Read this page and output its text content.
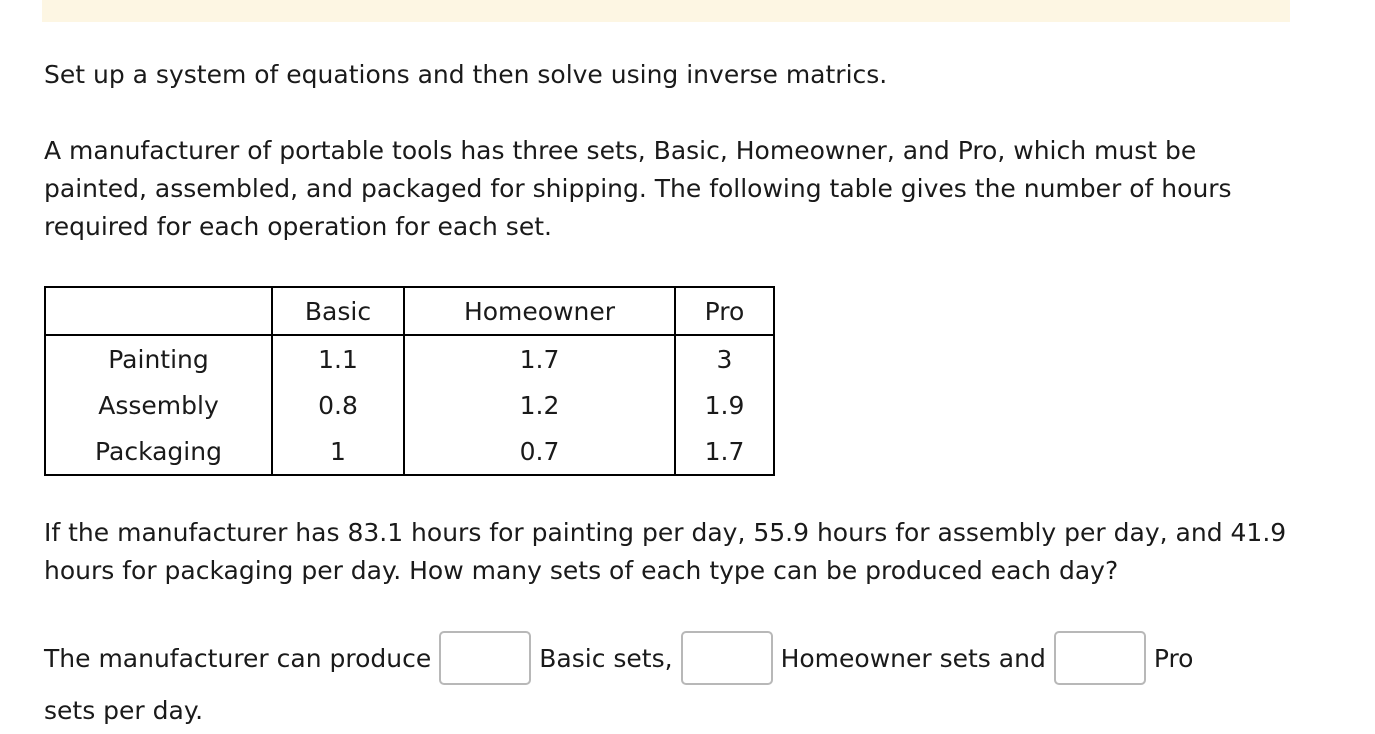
Set up a system of equations and then solve using inverse matrics.

A manufacturer of portable tools has three sets, Basic, Homeowner, and Pro, which must be painted, assembled, and packaged for shipping. The following table gives the number of hours required for each operation for each set.

	Basic	Homeowner	Pro
Painting	1.1	1.7	3
Assembly	0.8	1.2	1.9
Packaging	1	0.7	1.7

If the manufacturer has 83.1 hours for painting per day, 55.9 hours for assembly per day, and 41.9 hours for packaging per day. How many sets of each type can be produced each day?

The manufacturer can produce	Basic sets,	Homeowner sets and	Pro
sets per day.
